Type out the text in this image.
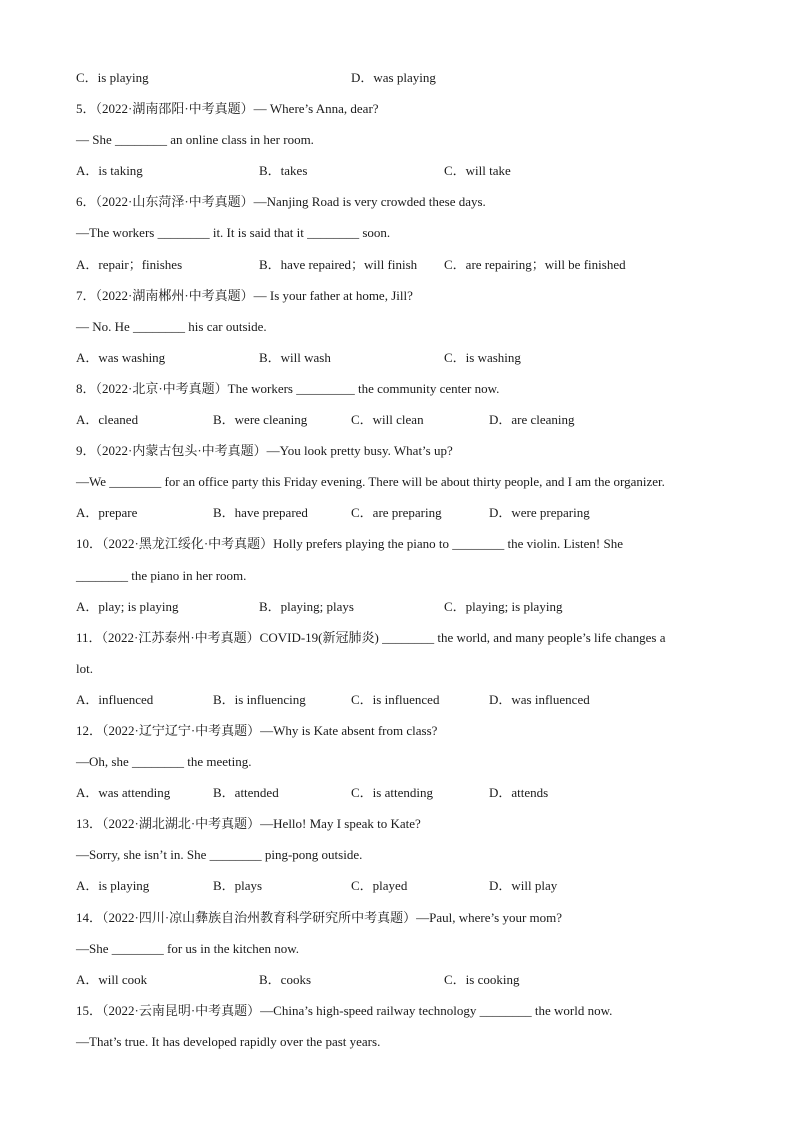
C．is playing	D．was playing
5．（2022·湖南邵阳·中考真题）— Where’s Anna, dear?
— She ________ an online class in her room.
A．is taking	B．takes	C．will take
6．（2022·山东菏泽·中考真题）—Nanjing Road is very crowded these days.
—The workers ________ it. It is said that it ________ soon.
A．repair；finishes	B．have repaired；will finish C．are repairing；will be finished
7．（2022·湖南郴州·中考真题）— Is your father at home, Jill?
— No. He ________ his car outside.
A．was washing	B．will wash	C．is washing
8．（2022·北京·中考真题）The workers _________ the community center now.
A．cleaned	B．were cleaning	C．will clean	D．are cleaning
9．（2022·内蒙古包头·中考真题）—You look pretty busy. What’s up?
—We ________ for an office party this Friday evening. There will be about thirty people, and I am the organizer.
A．prepare	B．have prepared	C．are preparing	D．were preparing
10．（2022·黑龙江绥化·中考真题）Holly prefers playing the piano to ________ the violin. Listen! She
________ the piano in her room.
A．play; is playing	B．playing; plays	C．playing; is playing
11．（2022·江苏泰州·中考真题）COVID-19(新冠肺炎) ________ the world, and many people’s life changes a
lot.
A．influenced	B．is influencing	C．is influenced	D．was influenced
12．（2022·辽宁辽宁·中考真题）—Why is Kate absent from class?
—Oh, she ________ the meeting.
A．was attending	B．attended	C．is attending	D．attends
13．（2022·湖北湖北·中考真题）—Hello! May I speak to Kate?
—Sorry, she isn’t in. She ________ ping-pong outside.
A．is playing	B．plays	C．played	D．will play
14．（2022·四川·凉山彝族自治州教育科学研究所中考真题）—Paul, where’s your mom?
—She ________ for us in the kitchen now.
A．will cook	B．cooks	C．is cooking
15．（2022·云南昆明·中考真题）—China’s high-speed railway technology ________ the world now.
—That’s true. It has developed rapidly over the past years.
